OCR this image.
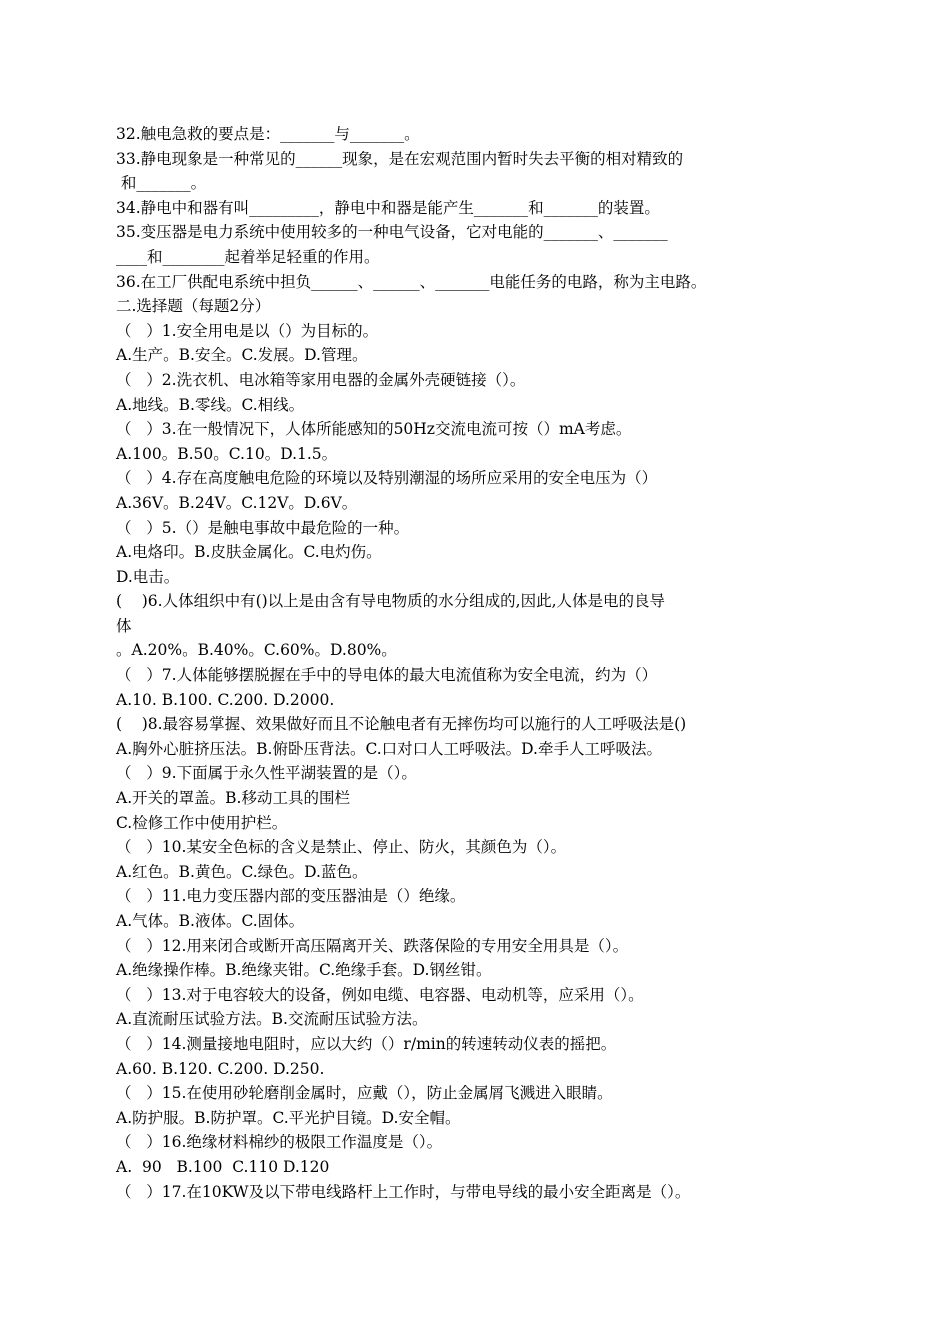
32.触电急救的要点是：_______与_______。
33.静电现象是一种常见的______现象，是在宏观范围内暂时失去平衡的相对精致的
和_______。
34.静电中和器有叫_________，静电中和器是能产生_______和_______的装置。
35.变压器是电力系统中使用较多的一种电气设备，它对电能的_______、_______
____和________起着举足轻重的作用。
36.在工厂供配电系统中担负______、______、_______电能任务的电路，称为主电路。
二.选择题（每题2分）
（   ）1.安全用电是以（）为目标的。
A.生产。B.安全。C.发展。D.管理。
（   ）2.洗衣机、电冰箱等家用电器的金属外壳硬链接（）。
A.地线。B.零线。C.相线。
（   ）3.在一般情况下，人体所能感知的50Hz交流电流可按（）mA考虑。
A.100。B.50。C.10。D.1.5。
（   ）4.存在高度触电危险的环境以及特别潮湿的场所应采用的安全电压为（）
A.36V。B.24V。C.12V。D.6V。
（   ）5.（）是触电事故中最危险的一种。
A.电烙印。B.皮肤金属化。C.电灼伤。
D.电击。
(    )6.人体组织中有()以上是由含有导电物质的水分组成的,因此,人体是电的良导
体
。A.20%。B.40%。C.60%。D.80%。
（   ）7.人体能够摆脱握在手中的导电体的最大电流值称为安全电流，约为（）
A.10. B.100. C.200. D.2000.
(    )8.最容易掌握、效果做好而且不论触电者有无摔伤均可以施行的人工呼吸法是()
A.胸外心脏挤压法。B.俯卧压背法。C.口对口人工呼吸法。D.牵手人工呼吸法。
（   ）9.下面属于永久性平湖装置的是（）。
A.开关的罩盖。B.移动工具的围栏
C.检修工作中使用护栏。
（   ）10.某安全色标的含义是禁止、停止、防火，其颜色为（）。
A.红色。B.黄色。C.绿色。D.蓝色。
（   ）11.电力变压器内部的变压器油是（）绝缘。
A.气体。B.液体。C.固体。
（   ）12.用来闭合或断开高压隔离开关、跌落保险的专用安全用具是（）。
A.绝缘操作棒。B.绝缘夹钳。C.绝缘手套。D.钢丝钳。
（   ）13.对于电容较大的设备，例如电缆、电容器、电动机等，应采用（）。
A.直流耐压试验方法。B.交流耐压试验方法。
（   ）14.测量接地电阻时，应以大约（）r/min的转速转动仪表的摇把。
A.60. B.120. C.200. D.250.
（   ）15.在使用砂轮磨削金属时，应戴（），防止金属屑飞溅进入眼睛。
A.防护服。B.防护罩。C.平光护目镜。D.安全帽。
（   ）16.绝缘材料棉纱的极限工作温度是（）。
A.  90   B.100  C.110 D.120
（   ）17.在10KW及以下带电线路杆上工作时，与带电导线的最小安全距离是（）。
